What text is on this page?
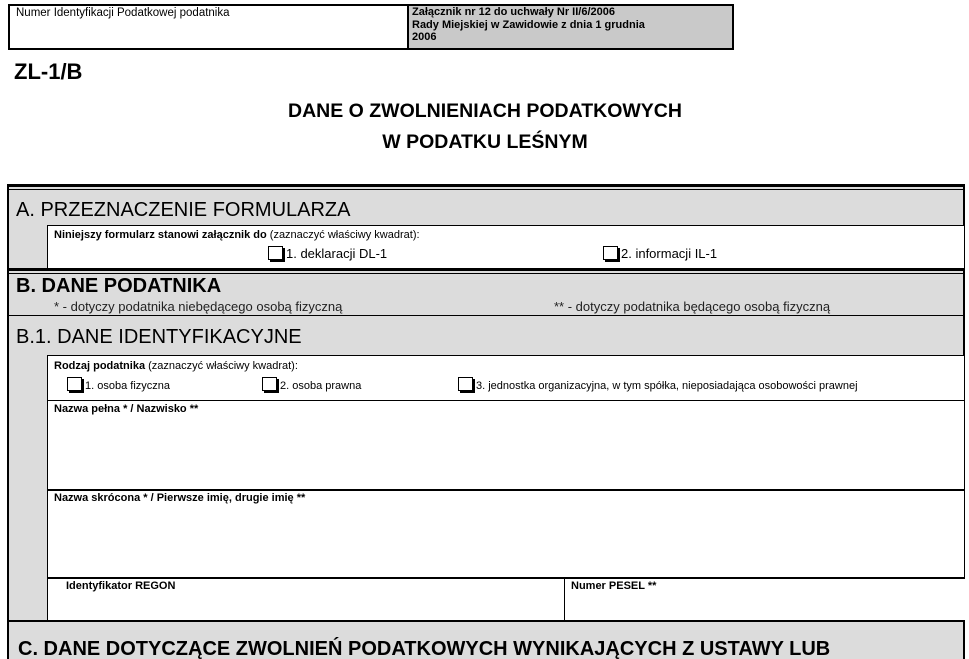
Numer Identyfikacji Podatkowej podatnika	Załącznik nr 12 do uchwały Nr II/6/2006
Rady Miejskiej w Zawidowie z dnia 1 grudnia
2006
ZL-1/B
DANE O ZWOLNIENIACH PODATKOWYCH
W PODATKU LEŚNYM
A. PRZEZNACZENIE FORMULARZA
Niniejszy formularz stanowi załącznik do (zaznaczyć właściwy kwadrat):
1. deklaracji DL-1	2. informacji IL-1
B. DANE PODATNIKA
* - dotyczy podatnika niebędącego osobą fizyczną	** - dotyczy podatnika będącego osobą fizyczną
B.1. DANE IDENTYFIKACYJNE
Rodzaj podatnika (zaznaczyć właściwy kwadrat):
1. osoba fizyczna	2. osoba prawna	3. jednostka organizacyjna, w tym spółka, nieposiadająca osobowości prawnej
Nazwa pełna * / Nazwisko **
Nazwa skrócona * / Pierwsze imię, drugie imię **
Identyfikator REGON	Numer PESEL **
C. DANE DOTYCZĄCE ZWOLNIEŃ PODATKOWYCH WYNIKAJĄCYCH Z USTAWY LUB
